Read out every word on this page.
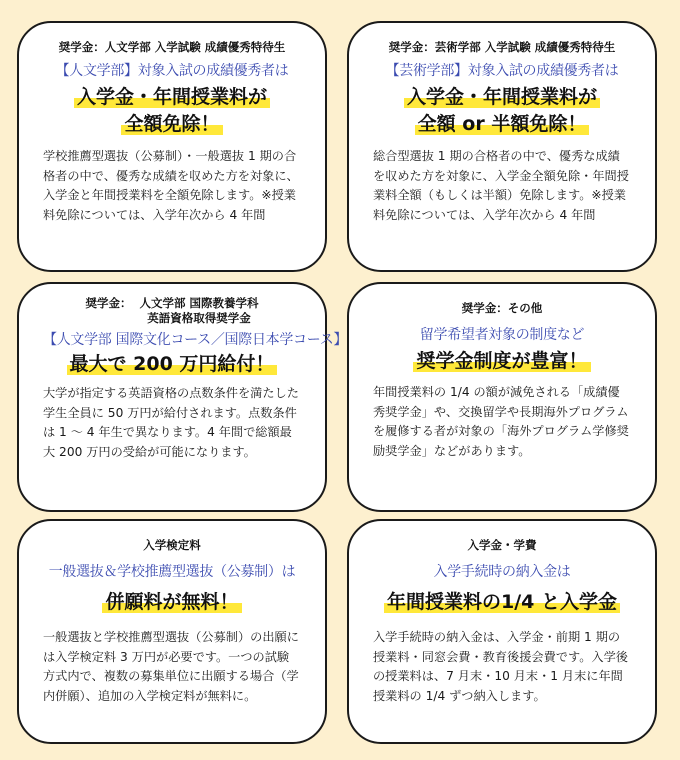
奨学金：人文学部 入学試験 成績優秀特待生
【人文学部】対象入試の成績優秀者は
入学金・年間授業料が
全額免除！
学校推薦型選抜（公募制）・一般選抜 1 期の合格者の中で、優秀な成績を収めた方を対象に、入学金と年間授業料を全額免除します。※授業料免除については、入学年次から 4 年間
奨学金：芸術学部 入学試験 成績優秀特待生
【芸術学部】対象入試の成績優秀者は
入学金・年間授業料が
全額 or 半額免除！
総合型選抜 1 期の合格者の中で、優秀な成績を収めた方を対象に、入学金全額免除・年間授業料全額（もしくは半額）免除します。※授業料免除については、入学年次から 4 年間
奨学金： 人文学部 国際教養学科
英語資格取得奨学金
【人文学部 国際文化コース／国際日本学コース】
最大で 200 万円給付！
大学が指定する英語資格の点数条件を満たした学生全員に 50 万円が給付されます。点数条件は 1 〜 4 年生で異なります。4 年間で総額最大 200 万円の受給が可能になります。
奨学金：その他
留学希望者対象の制度など
奨学金制度が豊富！
年間授業料の 1/4 の額が減免される「成績優秀奨学金」や、交換留学や長期海外プログラムを履修する者が対象の「海外プログラム学修奨励奨学金」などがあります。
入学検定料
一般選抜＆学校推薦型選抜（公募制）は
併願料が無料！
一般選抜と学校推薦型選抜（公募制）の出願には入学検定料 3 万円が必要です。一つの試験方式内で、複数の募集単位に出願する場合（学内併願）、追加の入学検定料が無料に。
入学金・学費
入学手続時の納入金は
年間授業料の1/4 と入学金
入学手続時の納入金は、入学金・前期 1 期の授業料・同窓会費・教育後援会費です。入学後の授業料は、7 月末・10 月末・1 月末に年間授業料の 1/4 ずつ納入します。
